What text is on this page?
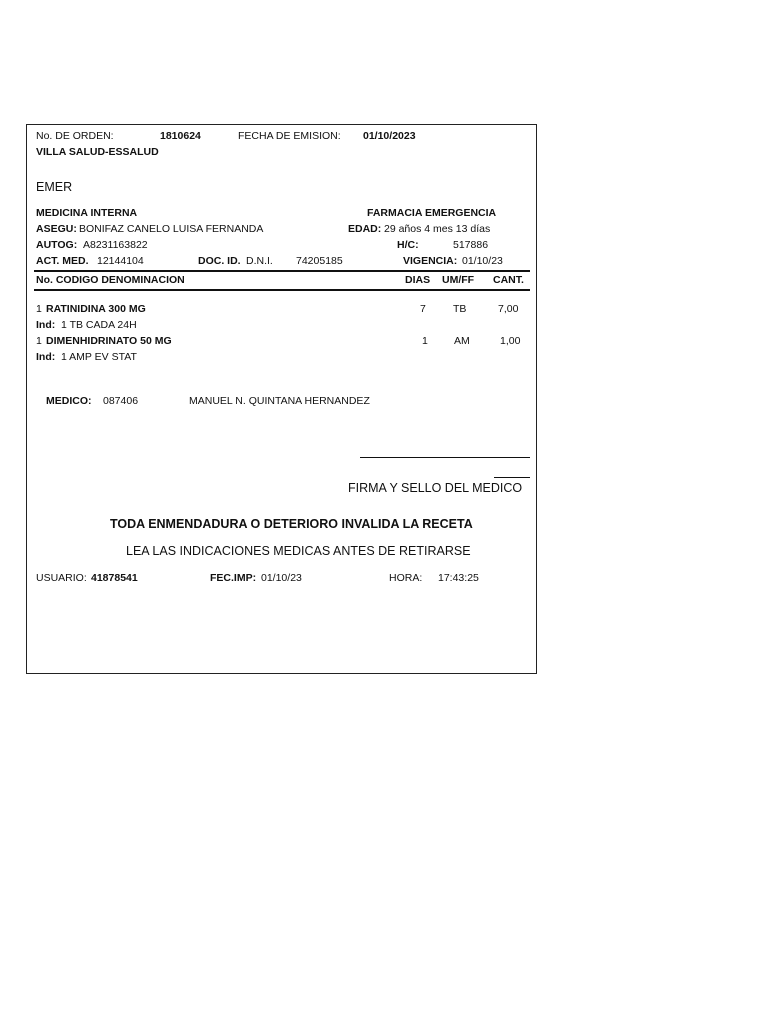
No. DE ORDEN:	1810624	FECHA DE EMISION: 01/10/2023
VILLA SALUD-ESSALUD
EMER
MEDICINA INTERNA	FARMACIA EMERGENCIA
ASEGU: BONIFAZ CANELO LUISA FERNANDA	EDAD: 29 años 4 mes 13 días
AUTOG: A8231163822	H/C:	517886
ACT. MED. 12144104	DOC. ID. D.N.I. 74205185	VIGENCIA: 01/10/23
No. CODIGO DENOMINACION	DIAS UM/FF CANT.
1 RATINIDINA 300 MG	7	TB	7,00
Ind: 1 TB CADA 24H
1 DIMENHIDRINATO 50 MG	1 AM	1,00
Ind: 1 AMP EV STAT
MEDICO: 087406	MANUEL N. QUINTANA HERNANDEZ
FIRMA Y SELLO DEL MEDICO
TODA ENMENDADURA O DETERIORO INVALIDA LA RECETA
LEA LAS INDICACIONES MEDICAS ANTES DE RETIRARSE
USUARIO: 41878541	FEC.IMP: 01/10/23	HORA: 17:43:25
